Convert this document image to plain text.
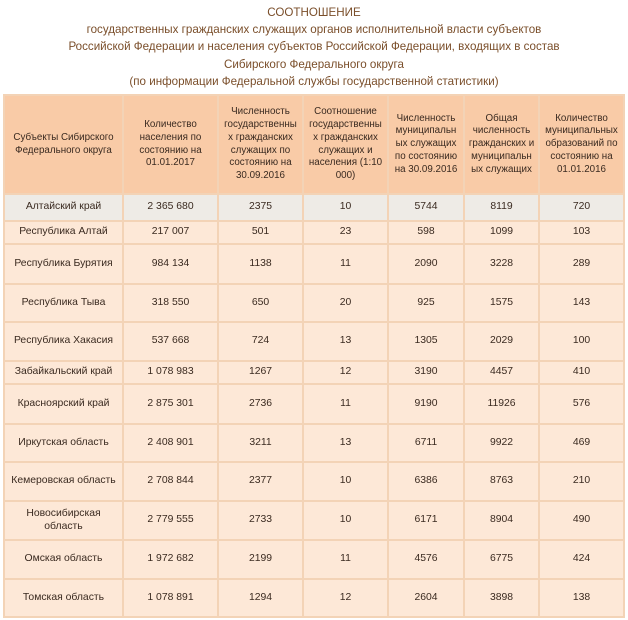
СООТНОШЕНИЕ
государственных гражданских служащих органов исполнительной власти субъектов
Российской Федерации и населения субъектов Российской Федерации, входящих в состав
Сибирского Федерального округа
(по информации Федеральной службы государственной статистики)
Субъекты Сибирского Федерального округа	Количество населения по состоянию на 01.01.2017	Численность государственны х гражданских служащих по состоянию на 30.09.2016	Соотношение государственны х гражданских служащих и населения (1:10 000)	Численность муниципальн ых служащих по состоянию на 30.09.2016	Общая численность гражданских и муниципальн ых служащих	Количество муниципальных образований по состоянию на 01.01.2016
Алтайский край	2 365 680	2375	10	5744	8119	720
Республика Алтай	217 007	501	23	598	1099	103
Республика Бурятия	984 134	1138	11	2090	3228	289
Республика Тыва	318 550	650	20	925	1575	143
Республика Хакасия	537 668	724	13	1305	2029	100
Забайкальский край	1 078 983	1267	12	3190	4457	410
Красноярский край	2 875 301	2736	11	9190	11926	576
Иркутская область	2 408 901	3211	13	6711	9922	469
Кемеровская область	2 708 844	2377	10	6386	8763	210
Новосибирская область	2 779 555	2733	10	6171	8904	490
Омская область	1 972 682	2199	11	4576	6775	424
Томская область	1 078 891	1294	12	2604	3898	138
